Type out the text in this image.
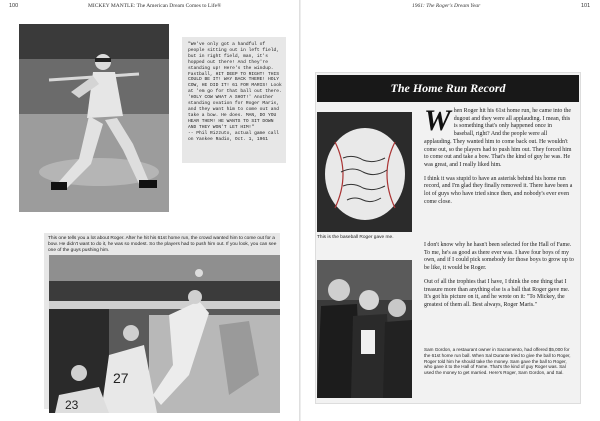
100	MICKEY MANTLE: The American Dream Comes to Life®
"We've only got a handful of people sitting out in left field, but in right field, man, it's hopped out there! And they're standing up! Here's the windup. Fastball, HIT DEEP TO RIGHT! THIS COULD BE IT! WAY BACK THERE! HOLY COW, HE DID IT! 61 FOR MARIS! Look at 'em go for that ball out there. 'HOLY COW WHAT A SHOT!' Another standing ovation for Roger Maris, and they want him to come out and take a bow. He does. MAN, DO YOU HEAR THEM! HE WANTS TO SIT DOWN AND THEY WON'T LET HIM!"
-- Phil Rizzuto, actual game call on Yankee Radio, Oct. 1, 1961
This one tells you a lot about Roger. After he hit his 61st home run, the crowd wanted him to come out for a bow. He didn't want to do it, he was so modest. So the players had to push him out. If you look, you can see one of the guys pushing him.
27
23
1961: The Roger's Dream Year	101
The Home Run Record
This is the baseball Roger gave me.

When Roger hit his 61st home run, he came into the dugout and they were all applauding. I mean, this is something that's only happened once in baseball, right? And the people were all applauding. They wanted him to come back out. He wouldn't come out, so the players had to push him out. They forced him to come out and take a bow. That's the kind of guy he was. He was great, and I really liked him.

I think it was stupid to have an asterisk behind his home run record, and I'm glad they finally removed it. There have been a lot of guys who have tried since then, and nobody's ever even come close.

I don't know why he hasn't been selected for the Hall of Fame. To me, he's as good as there ever was. I have four boys of my own, and if I could pick somebody for those boys to grow up to be like, it would be Roger.

Out of all the trophies that I have, I think the one thing that I treasure more than anything else is a ball that Roger gave me. It's got his picture on it, and he wrote on it: "To Mickey, the greatest of them all. Best always, Roger Maris."

Sam Gordon, a restaurant owner in Sacramento, had offered $5,000 for the 61st home run ball. When Sal Durante tried to give the ball to Roger, Roger told him he should take the money. Sam gave the ball to Roger, who gave it to the Hall of Fame. That's the kind of guy Roger was. Sal used the money to get married. Here's Roger, Sam Gordon, and Sal.
